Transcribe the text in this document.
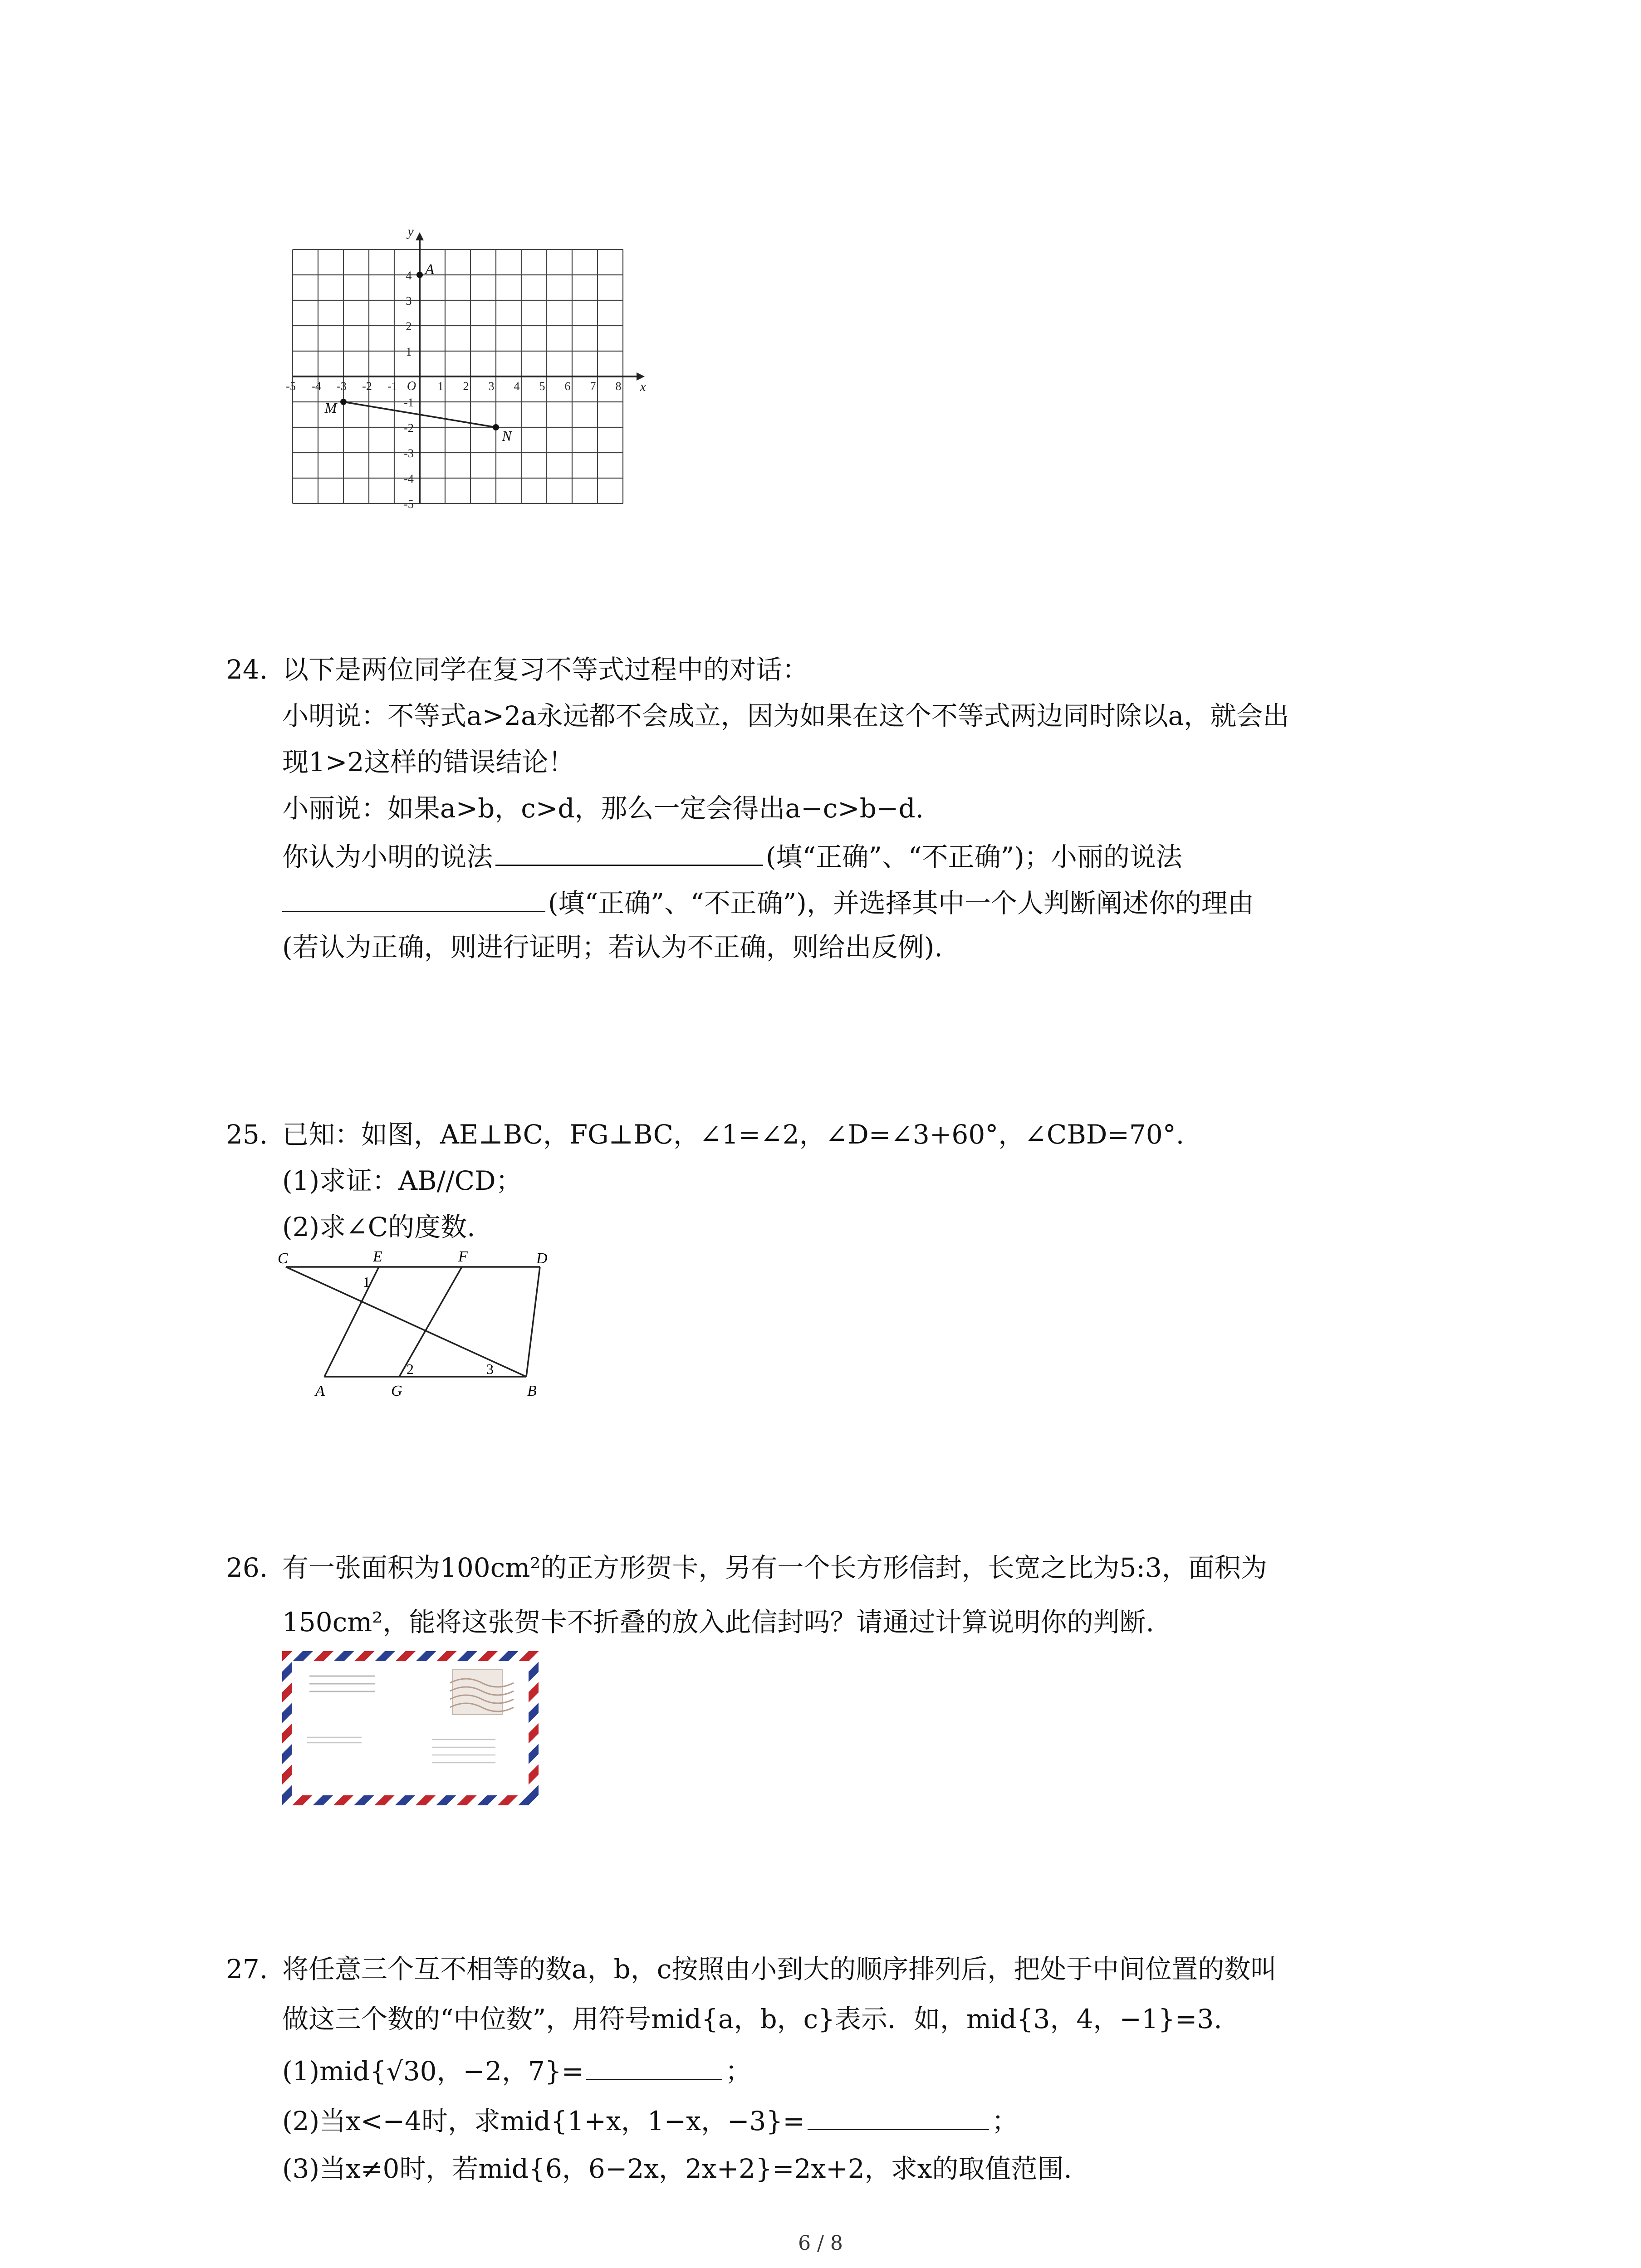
-5 -4 -3 -2 -1	1 2 3 4 5 6 7 8
4
3
2
1
-1
-2
-3
-4
-5
O	x
y
A
M
N
24. 以下是两位同学在复习不等式过程中的对话：
小明说：不等式a>2a永远都不会成立，因为如果在这个不等式两边同时除以a，就会出
现1>2这样的错误结论！
小丽说：如果a>b，c>d，那么一定会得出a−c>b−d.
你认为小明的说法	(填“正确”、“不正确”)；小丽的说法
(填“正确”、“不正确”)，并选择其中一个人判断阐述你的理由
(若认为正确，则进行证明；若认为不正确，则给出反例).
25. 已知：如图，AE⊥BC，FG⊥BC，∠1=∠2，∠D=∠3+60°，∠CBD=70°.
(1)求证：AB//CD；
(2)求∠C的度数.
C	E	F	D
1
A	G
2	3
B
26. 有一张面积为100cm²的正方形贺卡，另有一个长方形信封，长宽之比为5:3，面积为
150cm²，能将这张贺卡不折叠的放入此信封吗？请通过计算说明你的判断.
27. 将任意三个互不相等的数a，b，c按照由小到大的顺序排列后，把处于中间位置的数叫
做这三个数的“中位数”，用符号mid{a，b，c}表示．如，mid{3，4，−1}=3.
(1)mid{√30，−2，7}=	；
(2)当x<−4时，求mid{1+x，1−x，−3}=	；
(3)当x≠0时，若mid{6，6−2x，2x+2}=2x+2，求x的取值范围.
6 / 8
